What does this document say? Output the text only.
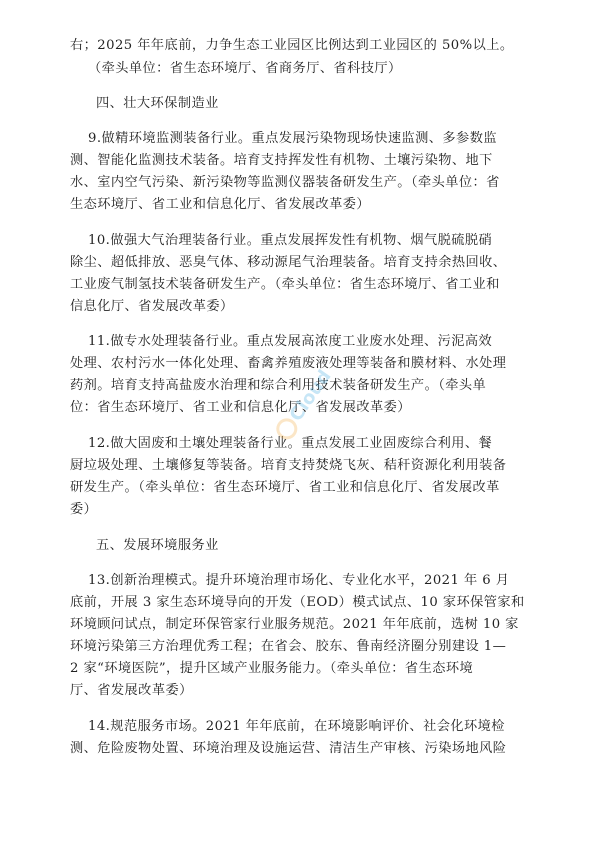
右；2025 年年底前，力争生态工业园区比例达到工业园区的 50%以上。
（牵头单位：省生态环境厅、省商务厅、省科技厅）
四、壮大环保制造业
9.做精环境监测装备行业。重点发展污染物现场快速监测、多参数监
测、智能化监测技术装备。培育支持挥发性有机物、土壤污染物、地下
水、室内空气污染、新污染物等监测仪器装备研发生产。（牵头单位：省
生态环境厅、省工业和信息化厅、省发展改革委）
10.做强大气治理装备行业。重点发展挥发性有机物、烟气脱硫脱硝
除尘、超低排放、恶臭气体、移动源尾气治理装备。培育支持余热回收、
工业废气制氢技术装备研发生产。（牵头单位：省生态环境厅、省工业和
信息化厅、省发展改革委）
11.做专水处理装备行业。重点发展高浓度工业废水处理、污泥高效
处理、农村污水一体化处理、畜禽养殖废液处理等装备和膜材料、水处理
药剂。培育支持高盐废水治理和综合利用技术装备研发生产。（牵头单
位：省生态环境厅、省工业和信息化厅、省发展改革委）
12.做大固废和土壤处理装备行业。重点发展工业固废综合利用、餐
厨垃圾处理、土壤修复等装备。培育支持焚烧飞灰、秸秆资源化利用装备
研发生产。（牵头单位：省生态环境厅、省工业和信息化厅、省发展改革
委）
五、发展环境服务业
13.创新治理模式。提升环境治理市场化、专业化水平，2021 年 6 月
底前，开展 3 家生态环境导向的开发（EOD）模式试点、10 家环保管家和
环境顾问试点，制定环保管家行业服务规范。2021 年年底前，选树 10 家
环境污染第三方治理优秀工程；在省会、胶东、鲁南经济圈分别建设 1—
2 家“环境医院”，提升区域产业服务能力。（牵头单位：省生态环境
厅、省发展改革委）
14.规范服务市场。2021 年年底前，在环境影响评价、社会化环境检
测、危险废物处置、环境治理及设施运营、清洁生产审核、污染场地风险
Cloud
